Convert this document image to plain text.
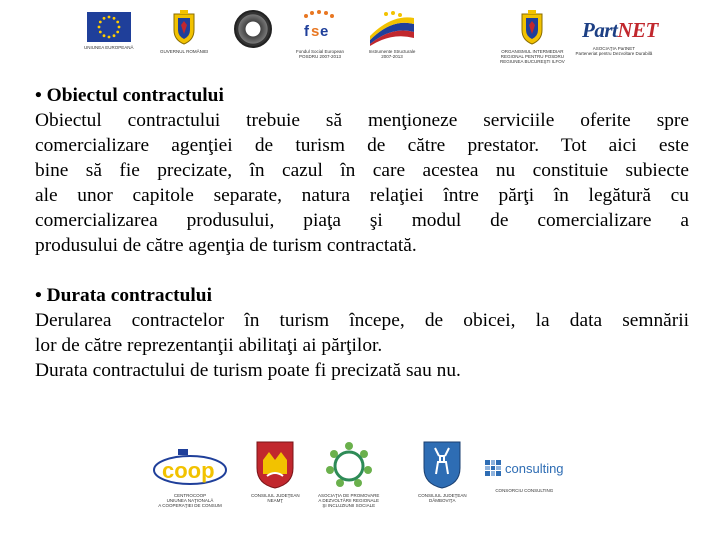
UNIUNEA EUROPEANĂ
GUVERNUL ROMÂNIEI
f s e
Fondul Social European
POSDRU 2007-2013
Instrumente Structurale
2007-2013
ORGANISMUL INTERMEDIAR
REGIONAL PENTRU POSDRU
REGIUNEA BUCUREŞTI ILFOV
PartNET
ASOCIAŢIA PartNET
Parteneriat pentru Dezvoltare Durabilă
• Obiectul contractului
Obiectul contractului trebuie să menţioneze serviciile oferite spre
comercializare agenţiei de turism de către prestator. Tot aici este
bine să fie precizate, în cazul în care acestea nu constituie subiecte
ale unor capitole separate, natura relaţiei între părţi în legătură cu
comercializarea produsului, piaţa şi modul de comercializare a
produsului de către agenţia de turism contractată.
• Durata contractului
Derularea contractelor în turism începe, de obicei, la data semnării
lor de către reprezentanţii abilitaţi ai părţilor.
Durata contractului de turism poate fi precizată sau nu.
coop
CENTROCOOP
UNIUNEA NAŢIONALĂ
A COOPERAŢIEI DE CONSUM
CONSILIUL JUDEŢEAN
NEAMŢ
ASOCIAŢIA DE PROMOVARE
A DEZVOLTĂRII REGIONALE
ŞI INCLUZIUNII SOCIALE
CONSILIUL JUDEŢEAN
DÂMBOVIŢA
consulting
CONSORCIU CONSULTING
